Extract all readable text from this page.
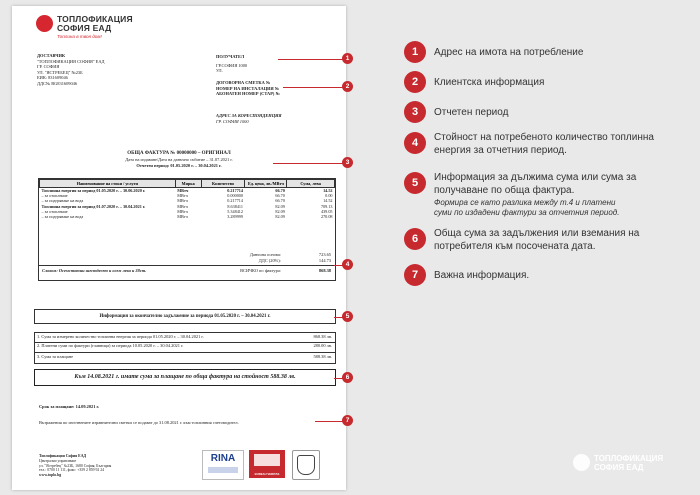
ТОПЛОФИКАЦИЯ
СОФИЯ ЕАД
Топлина в твоя дом!
ДОСТАВЧИК
"ТОПЛОФИКАЦИЯ СОФИЯ" ЕАД
ГР. СОФИЯ
УЛ. "ЯСТРЕБЕЦ" №23Б
ЕИК: 831609046
ДДС№ BG831609046
ПОЛУЧАТЕЛ
ГР.СОФИЯ 1000
УЛ.
ДОГОВОРНА СМЕТКА №
НОМЕР НА ИНСТАЛАЦИЯ №
АБОНАТЕН НОМЕР (СТАР) №
АДРЕС ЗА КОРЕСПОНДЕНЦИЯ
ГР. СОФИЯ 1000
ОБЩА ФАКТУРА № 00000000 – ОРИГИНАЛ
Дата на издаване/Дата на данъчно събитие – 31.07.2021 г.
Отчетен период: 01.05.2020 г. – 30.04.2021 г.
Наименование на стоки / услуги	Мярка	Количество	Ед. цена, лв./MВтч	Сума, лева
Топлинна енергия за период 01.05.2020 г. – 30.06.2020 г.	MВтч	0.217714	66.70	14.52
– за отопление	MВтч	0.000000	66.70	0.00
– за подгряване на вода	MВтч	0.217714	66.70	14.52
Топлинна енергия за период 01.07.2020 г. – 30.04.2021 г.	MВтч	8.638411	82.09	709.13
– за отопление	MВтч	5.348412	82.09	439.05
– за подгряване на вода	MВтч	3.289999	82.09	270.08
Данъчна основа:	723.65
ДДС (20%):	144.73
Словом: Осемстотин шестдесет и осем лева и 38ст.	ВСИЧКО по фактура:	868.38
Информация за окончателно задължение за периода 01.05.2020 г. – 30.04.2021 г.
1. Сума за измерено количество топлинна енергия за периода 01.05.2020 г. – 30.04.2021 г.	868.38 лв.
2. Платени суми по фактури (главница) за периода 10.05.2020 г. – 30.04.2021 г.	280.00 лв.
3. Сума за плащане	588.38 лв.
Към 14.08.2021 г. имате сума за плащане по обща фактура на стойност 588.38 лв.
Срок за плащане: 14.09.2021 г.
Възражения по изготвените изравнителни сметки се подават до 31.08.2021 г. към топлинния счетоводител.
Топлофикация София ЕАД
Централно управление
ул. "Ястребец" №23Б, 1680 София, България
тел.: 0700 11 111, факс: +359 2 859 92 24
www.toplo.bg
RINA
BUREAU VERITAS
1
2
3
4
5
6
7
1	Адрес на имота на потребление
2	Клиентска информация
3	Отчетен период
4	Стойност на потребеното количество топлинна енергия за отчетния период.
5	Информация за дължима сума или сума за получаване по обща фактура.
Формира се като разлика между т.4 и платени суми по издадени фактури за отчетния период.
6	Обща сума за задължения или вземания на потребителя към посочената дата.
7	Важна информация.
ТОПЛОФИКАЦИЯ
СОФИЯ ЕАД
